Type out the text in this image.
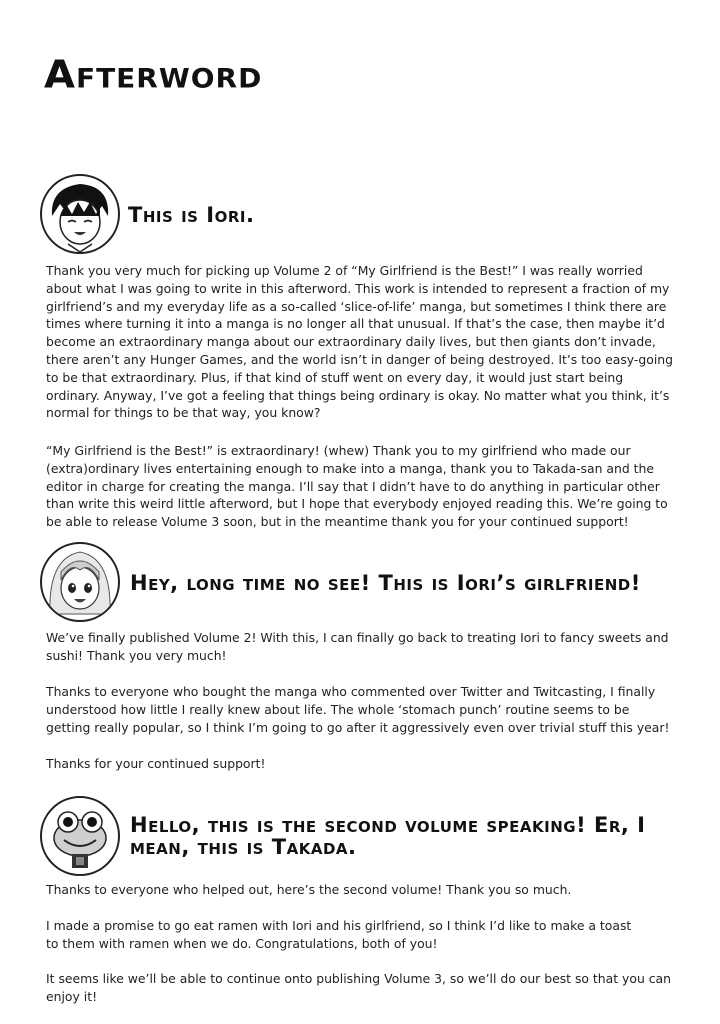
Afterword
This is Iori.

Thank you very much for picking up Volume 2 of “My Girlfriend is the Best!” I was really worried about what I was going to write in this afterword. This work is intended to represent a fraction of my girlfriend’s and my everyday life as a so-called ‘slice-of-life’ manga, but sometimes I think there are times where turning it into a manga is no longer all that unusual. If that’s the case, then maybe it’d become an extraordinary manga about our extraordinary daily lives, but then giants don’t invade, there aren’t any Hunger Games, and the world isn’t in danger of being destroyed. It’s too easy-going to be that extraordinary. Plus, if that kind of stuff went on every day, it would just start being ordinary. Anyway, I’ve got a feeling that things being ordinary is okay. No matter what you think, it’s normal for things to be that way, you know?

“My Girlfriend is the Best!” is extraordinary! (whew) Thank you to my girlfriend who made our (extra)ordinary lives entertaining enough to make into a manga, thank you to Takada-san and the editor in charge for creating the manga. I’ll say that I didn’t have to do anything in particular other than write this weird little afterword, but I hope that everybody enjoyed reading this. We’re going to be able to release Volume 3 soon, but in the meantime thank you for your continued support!

Hey, long time no see! This is Iori’s girlfriend!

We’ve finally published Volume 2! With this, I can finally go back to treating Iori to fancy sweets and sushi! Thank you very much!

Thanks to everyone who bought the manga who commented over Twitter and Twitcasting, I finally understood how little I really knew about life. The whole ‘stomach punch’ routine seems to be getting really popular, so I think I’m going to go after it aggressively even over trivial stuff this year!

Thanks for your continued support!

Hello, this is the second volume speaking! Er, I mean, this is Takada.

Thanks to everyone who helped out, here’s the second volume! Thank you so much.

I made a promise to go eat ramen with Iori and his girlfriend, so I think I’d like to make a toast to them with ramen when we do. Congratulations, both of you!

It seems like we’ll be able to continue onto publishing Volume 3, so we’ll do our best so that you can enjoy it!
